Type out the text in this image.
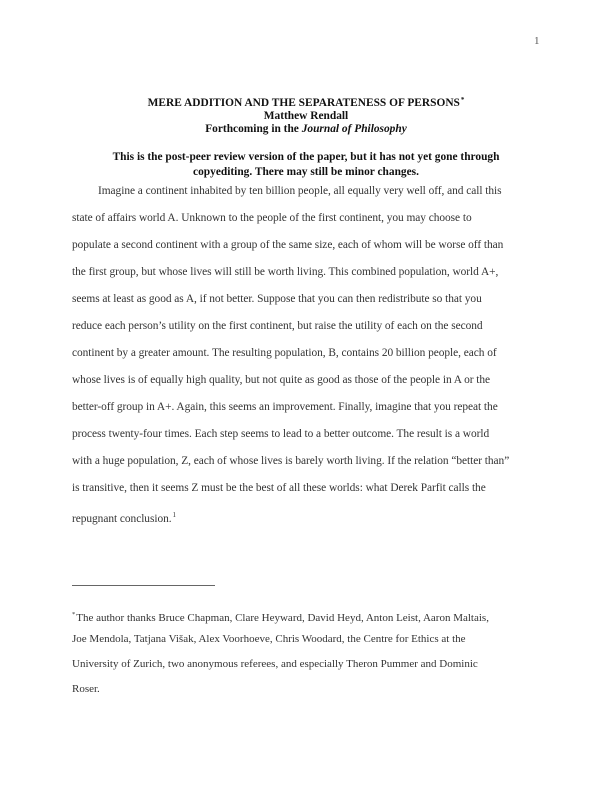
1
MERE ADDITION AND THE SEPARATENESS OF PERSONS*
Matthew Rendall
Forthcoming in the Journal of Philosophy
This is the post-peer review version of the paper, but it has not yet gone through
copyediting. There may still be minor changes.
Imagine a continent inhabited by ten billion people, all equally very well off, and call this
state of affairs world A. Unknown to the people of the first continent, you may choose to
populate a second continent with a group of the same size, each of whom will be worse off than
the first group, but whose lives will still be worth living. This combined population, world A+,
seems at least as good as A, if not better. Suppose that you can then redistribute so that you
reduce each person’s utility on the first continent, but raise the utility of each on the second
continent by a greater amount. The resulting population, B, contains 20 billion people, each of
whose lives is of equally high quality, but not quite as good as those of the people in A or the
better-off group in A+. Again, this seems an improvement. Finally, imagine that you repeat the
process twenty-four times. Each step seems to lead to a better outcome. The result is a world
with a huge population, Z, each of whose lives is barely worth living. If the relation “better than”
is transitive, then it seems Z must be the best of all these worlds: what Derek Parfit calls the
repugnant conclusion.$^1$
*The author thanks Bruce Chapman, Clare Heyward, David Heyd, Anton Leist, Aaron Maltais,
Joe Mendola, Tatjana Višak, Alex Voorhoeve, Chris Woodard, the Centre for Ethics at the
University of Zurich, two anonymous referees, and especially Theron Pummer and Dominic
Roser.
